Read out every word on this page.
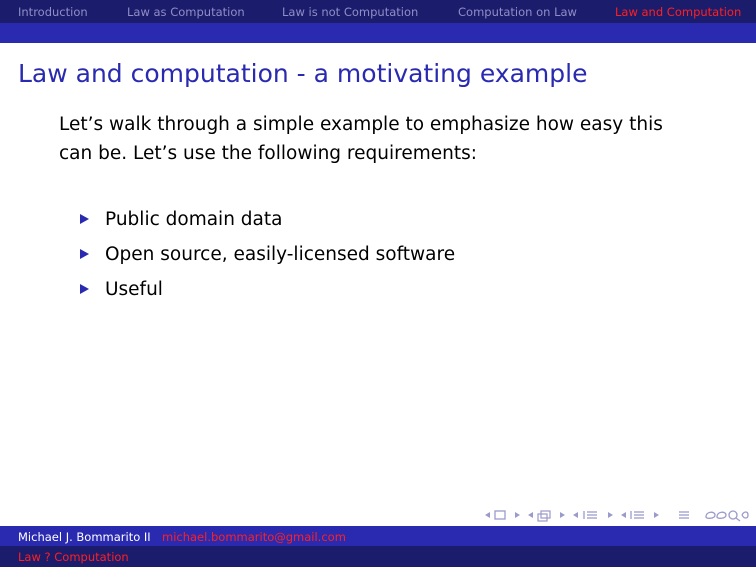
Introduction	Law as Computation	Law is not Computation	Computation on Law	Law and Computation
Law and computation - a motivating example
Let’s walk through a simple example to emphasize how easy this can be. Let’s use the following requirements:
Public domain data
Open source, easily-licensed software
Useful
Michael J. Bommarito II michael.bommarito@gmail.com
Law ? Computation
